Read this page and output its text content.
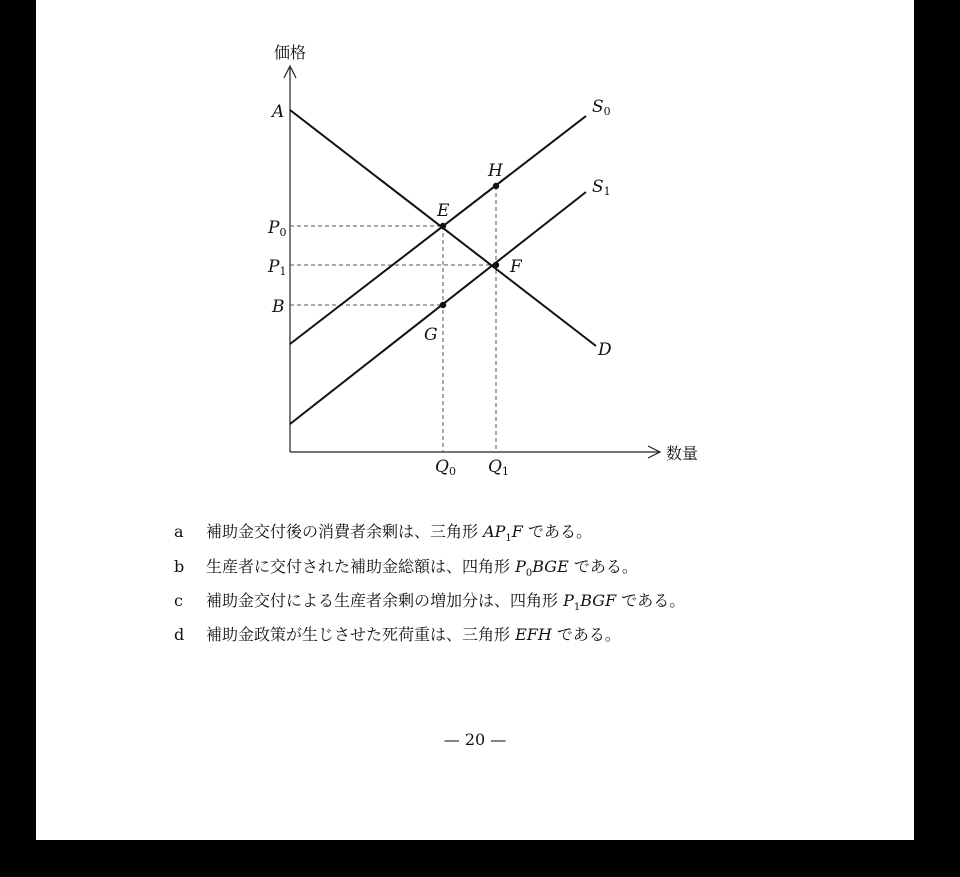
価格
数量
A
B
E
F
G
H
D
P0
P1
Q0 Q1
S0
S1
a 補助金交付後の消費者余剰は、三角形 $AP_1F$ である。
b 生産者に交付された補助金総額は、四角形 $P_0BGE$ である。
c 補助金交付による生産者余剰の増加分は、四角形 $P_1BGF$ である。
d 補助金政策が生じさせた死荷重は、三角形 EFH である。
— 20 —
